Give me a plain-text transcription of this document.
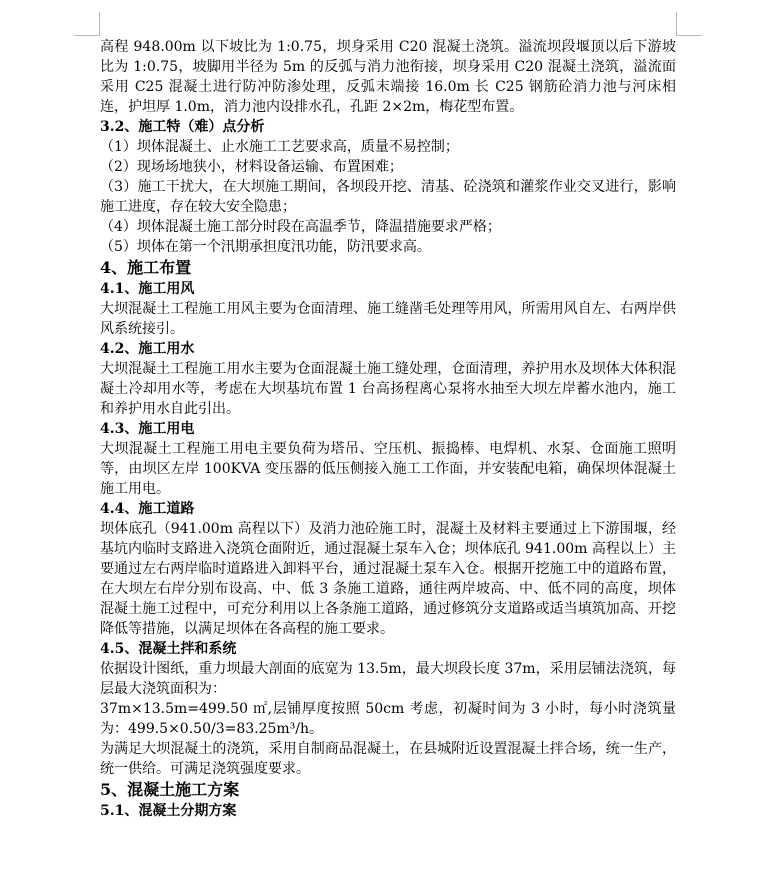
高程 948.00m 以下坡比为 1:0.75，坝身采用 C20 混凝土浇筑。溢流坝段堰顶以后下游坡比为 1:0.75，坡脚用半径为 5m 的反弧与消力池衔接，坝身采用 C20 混凝土浇筑，溢流面采用 C25 混凝土进行防冲防渗处理，反弧末端接 16.0m 长 C25 钢筋砼消力池与河床相连，护坦厚 1.0m，消力池内设排水孔，孔距 2×2m，梅花型布置。

3.2、施工特（难）点分析

（1）坝体混凝土、止水施工工艺要求高，质量不易控制；

（2）现场场地狭小，材料设备运输、布置困难；

（3）施工干扰大，在大坝施工期间，各坝段开挖、清基、砼浇筑和灌浆作业交叉进行，影响施工进度，存在较大安全隐患；

（4）坝体混凝土施工部分时段在高温季节，降温措施要求严格；

（5）坝体在第一个汛期承担度汛功能，防汛要求高。

4、施工布置

4.1、施工用风

大坝混凝土工程施工用风主要为仓面清理、施工缝凿毛处理等用风，所需用风自左、右两岸供风系统接引。

4.2、施工用水

大坝混凝土工程施工用水主要为仓面混凝土施工缝处理，仓面清理，养护用水及坝体大体积混凝土冷却用水等，考虑在大坝基坑布置 1 台高扬程离心泵将水抽至大坝左岸蓄水池内，施工和养护用水自此引出。

4.3、施工用电

大坝混凝土工程施工用电主要负荷为塔吊、空压机、振捣棒、电焊机、水泵、仓面施工照明等，由坝区左岸 100KVA 变压器的低压侧接入施工工作面，并安装配电箱，确保坝体混凝土施工用电。

4.4、施工道路

坝体底孔（941.00m 高程以下）及消力池砼施工时，混凝土及材料主要通过上下游围堰，经基坑内临时支路进入浇筑仓面附近，通过混凝土泵车入仓；坝体底孔 941.00m 高程以上）主要通过左右两岸临时道路进入卸料平台，通过混凝土泵车入仓。根据开挖施工中的道路布置，在大坝左右岸分别布设高、中、低 3 条施工道路，通往两岸坡高、中、低不同的高度，坝体混凝土施工过程中，可充分利用以上各条施工道路，通过修筑分支道路或适当填筑加高、开挖降低等措施，以满足坝体在各高程的施工要求。

4.5、混凝土拌和系统

依据设计图纸，重力坝最大剖面的底宽为 13.5m，最大坝段长度 37m，采用层铺法浇筑，每层最大浇筑面积为：

37m×13.5m=499.50 ㎡,层铺厚度按照 50cm 考虑，初凝时间为 3 小时，每小时浇筑量为：499.5×0.50/3=83.25m³/h。

为满足大坝混凝土的浇筑，采用自制商品混凝土，在县城附近设置混凝土拌合场，统一生产，统一供给。可满足浇筑强度要求。

5、混凝土施工方案

5.1、混凝土分期方案
